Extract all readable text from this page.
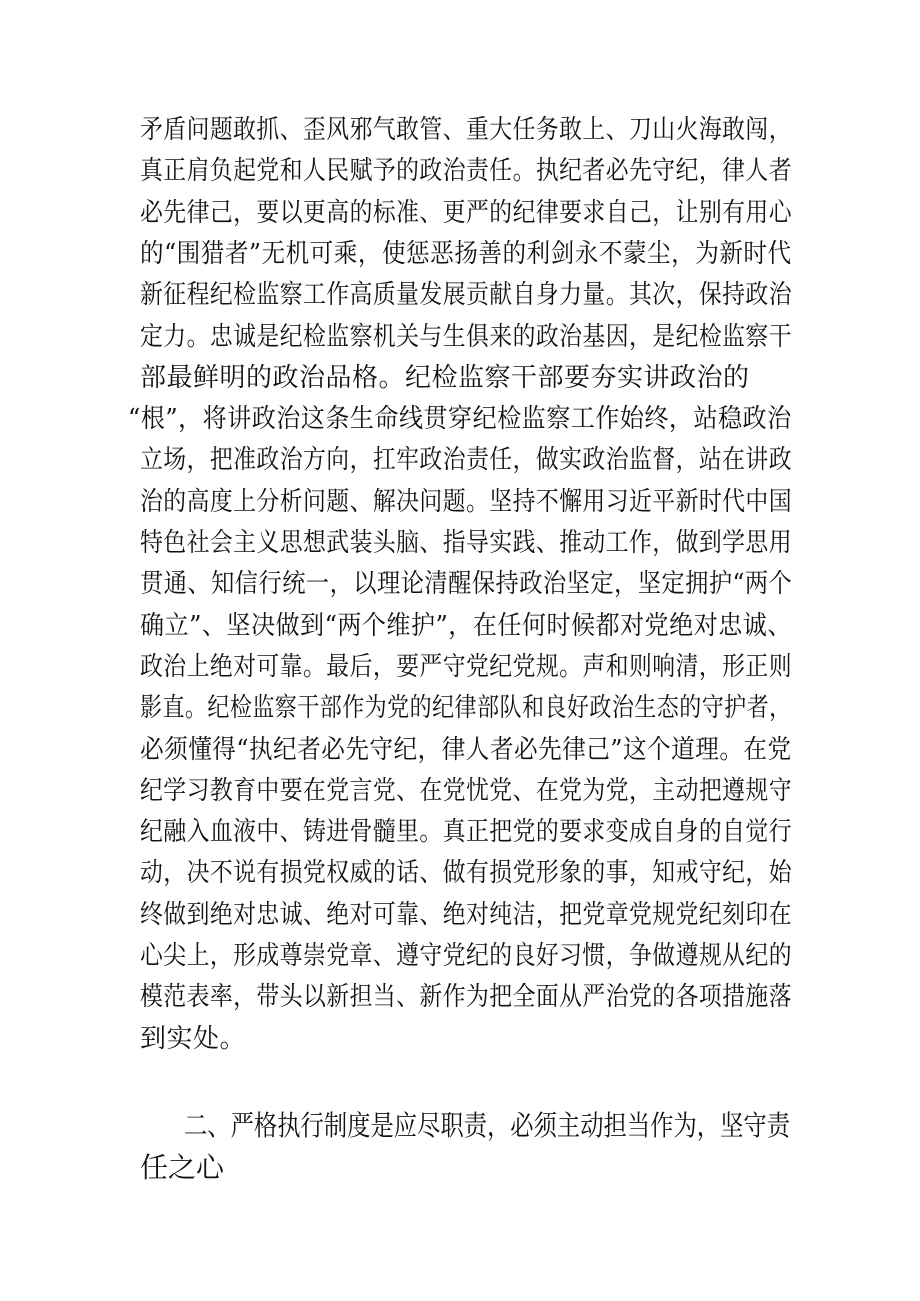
矛盾问题敢抓、歪风邪气敢管、重大任务敢上、刀山火海敢闯，
真正肩负起党和人民赋予的政治责任。执纪者必先守纪，律人者
必先律己，要以更高的标准、更严的纪律要求自己，让别有用心
的“围猎者”无机可乘，使惩恶扬善的利剑永不蒙尘，为新时代
新征程纪检监察工作高质量发展贡献自身力量。其次，保持政治
定力。忠诚是纪检监察机关与生俱来的政治基因，是纪检监察干
部最鲜明的政治品格。纪检监察干部要夯实讲政治的
“根”，将讲政治这条生命线贯穿纪检监察工作始终，站稳政治
立场，把准政治方向，扛牢政治责任，做实政治监督，站在讲政
治的高度上分析问题、解决问题。坚持不懈用习近平新时代中国
特色社会主义思想武装头脑、指导实践、推动工作，做到学思用
贯通、知信行统一，以理论清醒保持政治坚定，坚定拥护“两个
确立”、坚决做到“两个维护”，在任何时候都对党绝对忠诚、
政治上绝对可靠。最后，要严守党纪党规。声和则响清，形正则
影直。纪检监察干部作为党的纪律部队和良好政治生态的守护者，
必须懂得“执纪者必先守纪，律人者必先律己”这个道理。在党
纪学习教育中要在党言党、在党忧党、在党为党，主动把遵规守
纪融入血液中、铸进骨髓里。真正把党的要求变成自身的自觉行
动，决不说有损党权威的话、做有损党形象的事，知戒守纪，始
终做到绝对忠诚、绝对可靠、绝对纯洁，把党章党规党纪刻印在
心尖上，形成尊崇党章、遵守党纪的良好习惯，争做遵规从纪的
模范表率，带头以新担当、新作为把全面从严治党的各项措施落
到实处。
二、严格执行制度是应尽职责，必须主动担当作为，坚守责
任之心
